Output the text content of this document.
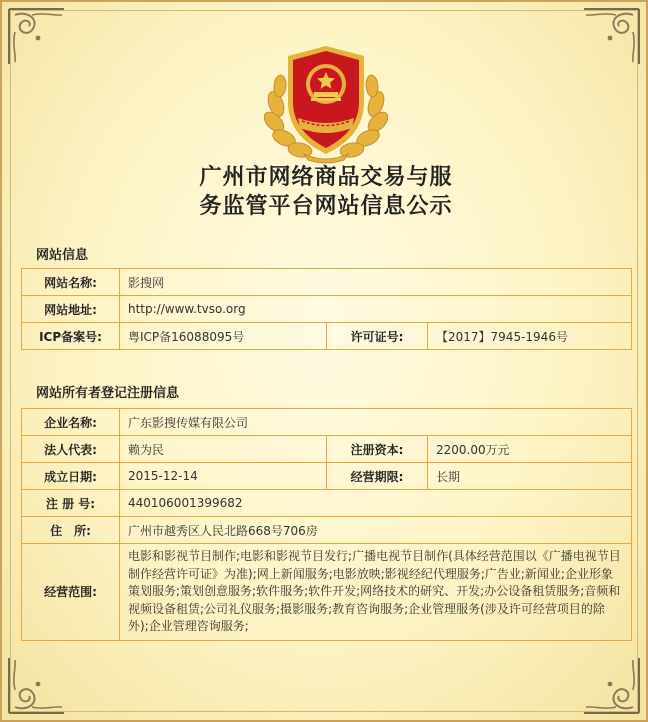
广州市网络商品交易与服
务监管平台网站信息公示
网站信息
网站名称:	影搜网		
网站地址:	http://www.tvso.org		
ICP备案号:	粤ICP备16088095号	许可证号:	【2017】7945-1946号
网站所有者登记注册信息
企业名称:	广东影搜传媒有限公司		
法人代表:	赖为民	注册资本:	2200.00万元
成立日期:	2015-12-14	经营期限:	长期
注 册 号:	440106001399682		
住　所:	广州市越秀区人民北路668号706房		
经营范围:	电影和影视节目制作;电影和影视节目发行;广播电视节目制作(具体经营范围以《广播电视节目制作经营许可证》为准);网上新闻服务;电影放映;影视经纪代理服务;广告业;新闻业;企业形象策划服务;策划创意服务;软件服务;软件开发;网络技术的研究、开发;办公设备租赁服务;音频和视频设备租赁;公司礼仪服务;摄影服务;教育咨询服务;企业管理服务(涉及许可经营项目的除外);企业管理咨询服务;		
